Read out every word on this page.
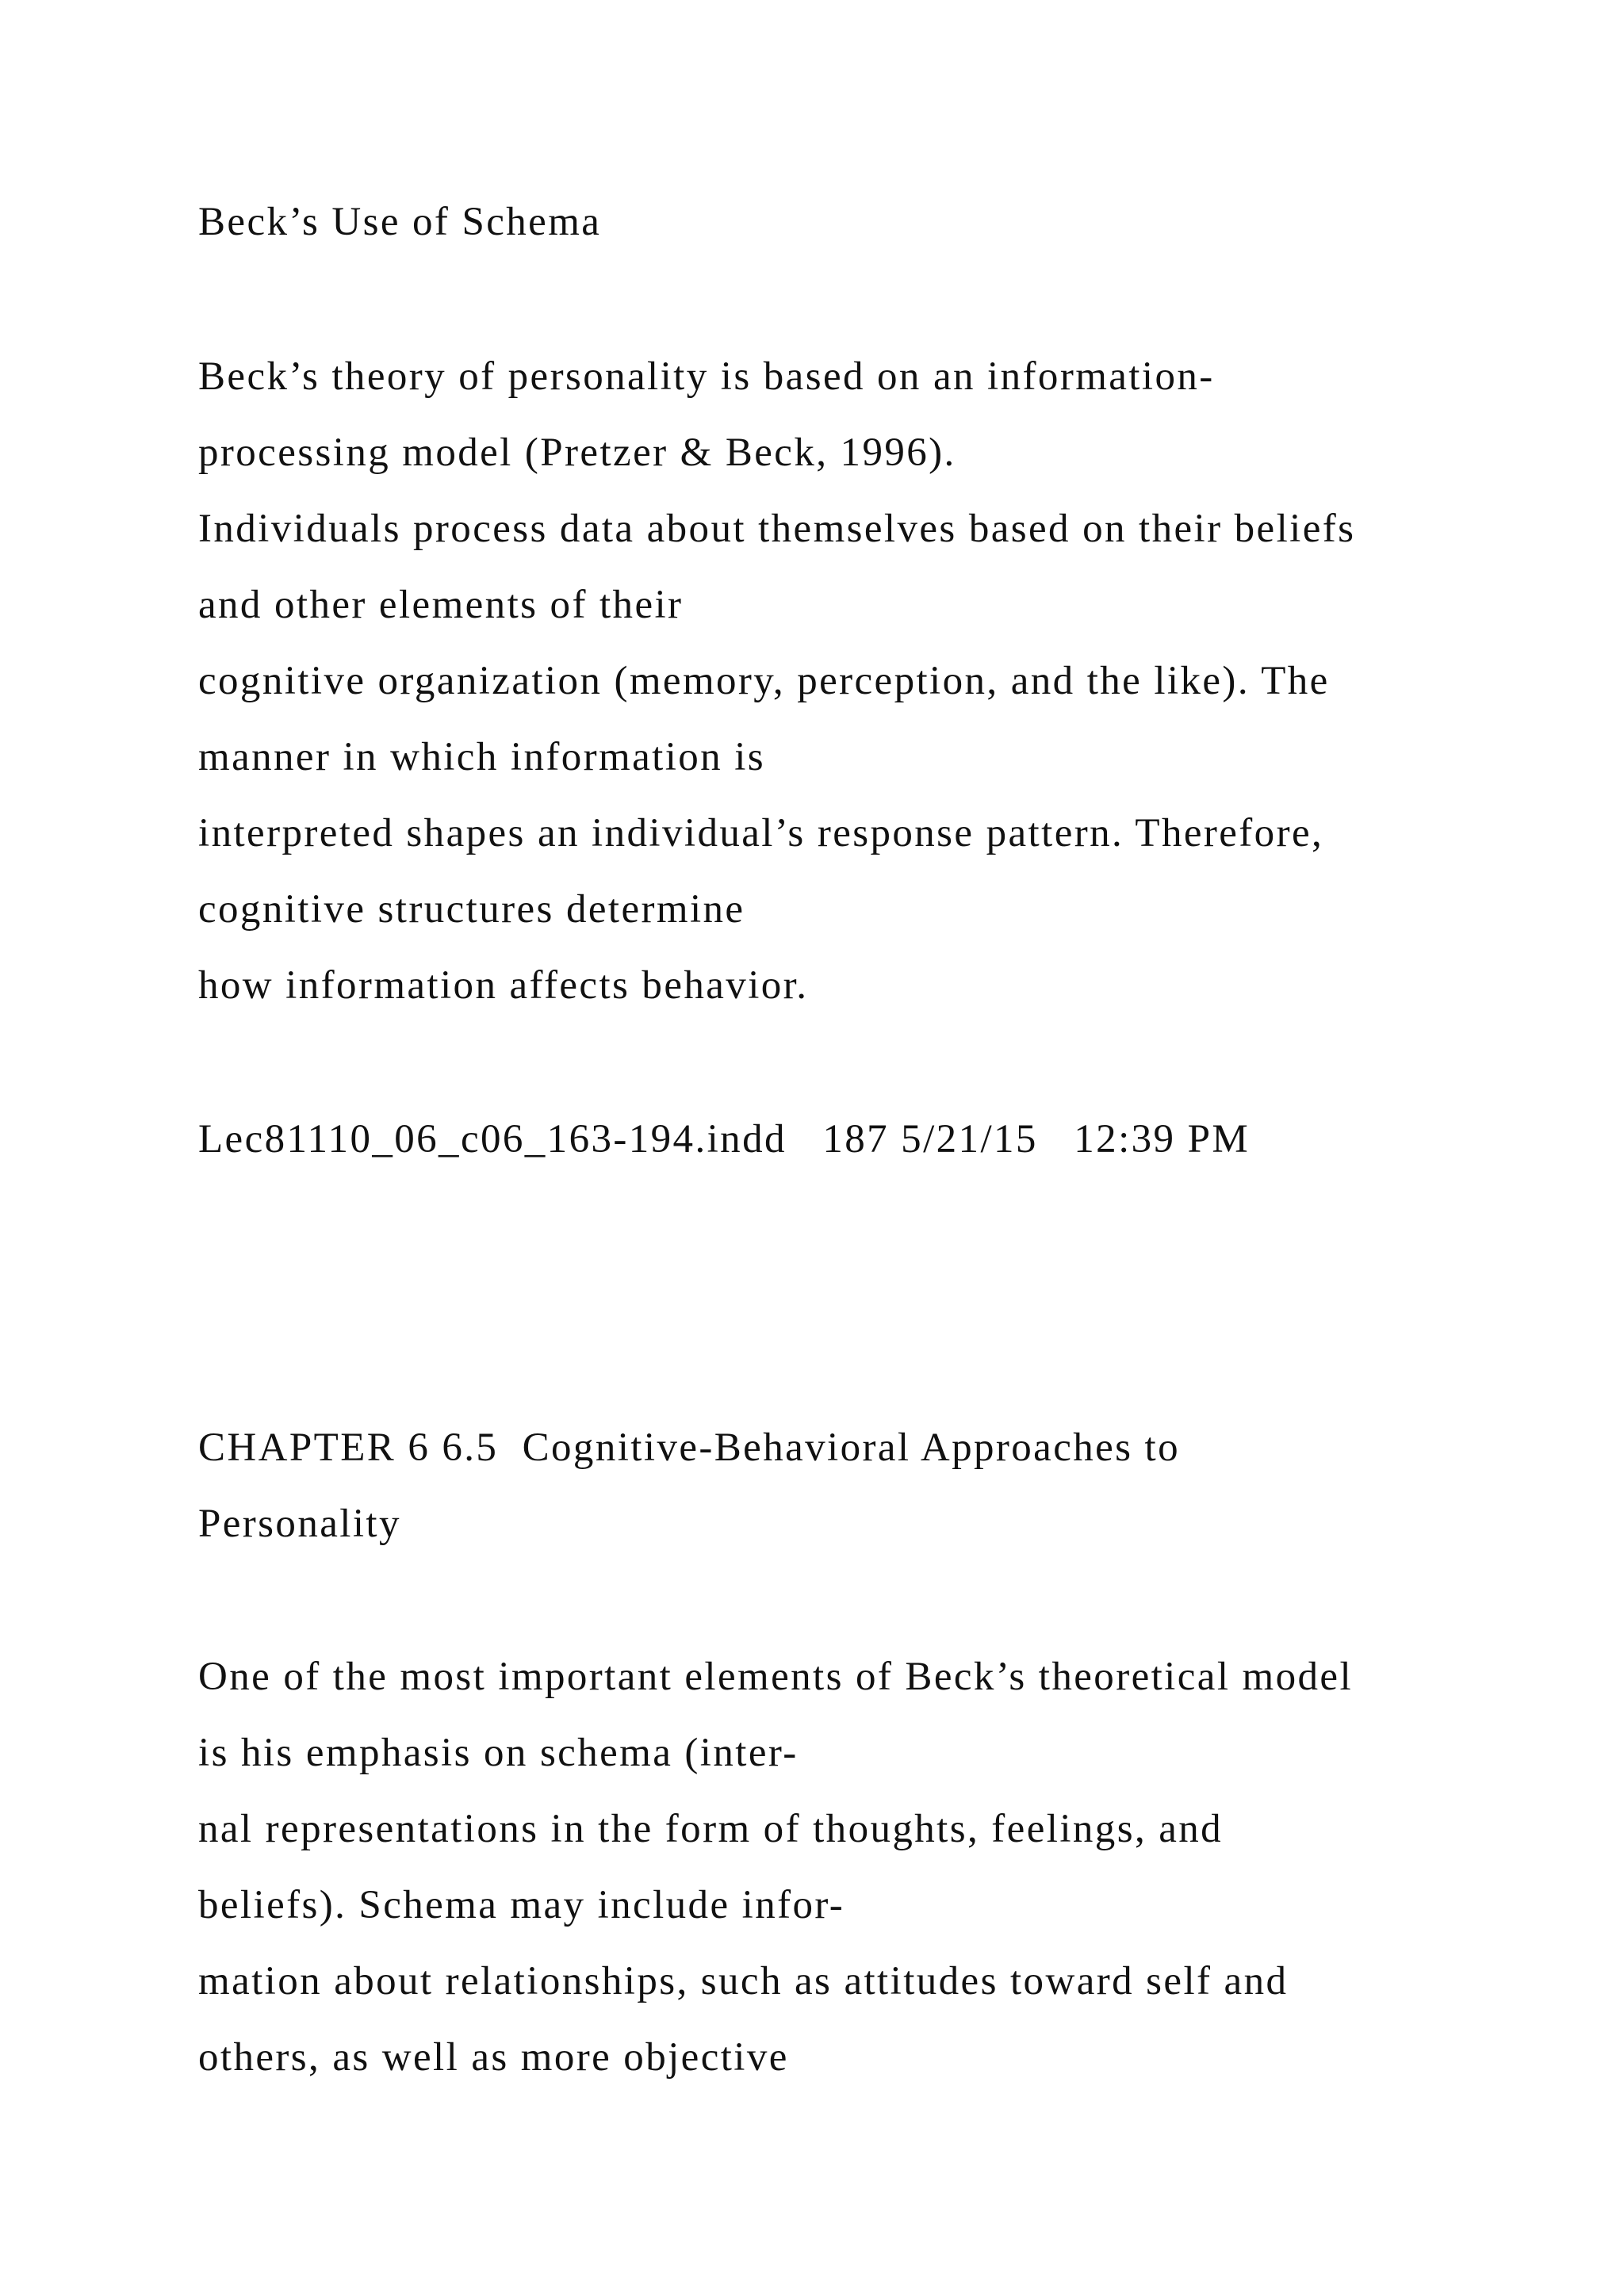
Beck’s Use of Schema

Beck’s theory of personality is based on an information-

processing model (Pretzer & Beck, 1996).

Individuals process data about themselves based on their beliefs

and other elements of their

cognitive organization (memory, perception, and the like). The

manner in which information is

interpreted shapes an individual’s response pattern. Therefore,

cognitive structures determine

how information affects behavior.

Lec81110_06_c06_163-194.indd   187 5/21/15   12:39 PM

CHAPTER 6 6.5  Cognitive-Behavioral Approaches to

Personality

One of the most important elements of Beck’s theoretical model

is his emphasis on schema (inter-

nal representations in the form of thoughts, feelings, and

beliefs). Schema may include infor-

mation about relationships, such as attitudes toward self and

others, as well as more objective
